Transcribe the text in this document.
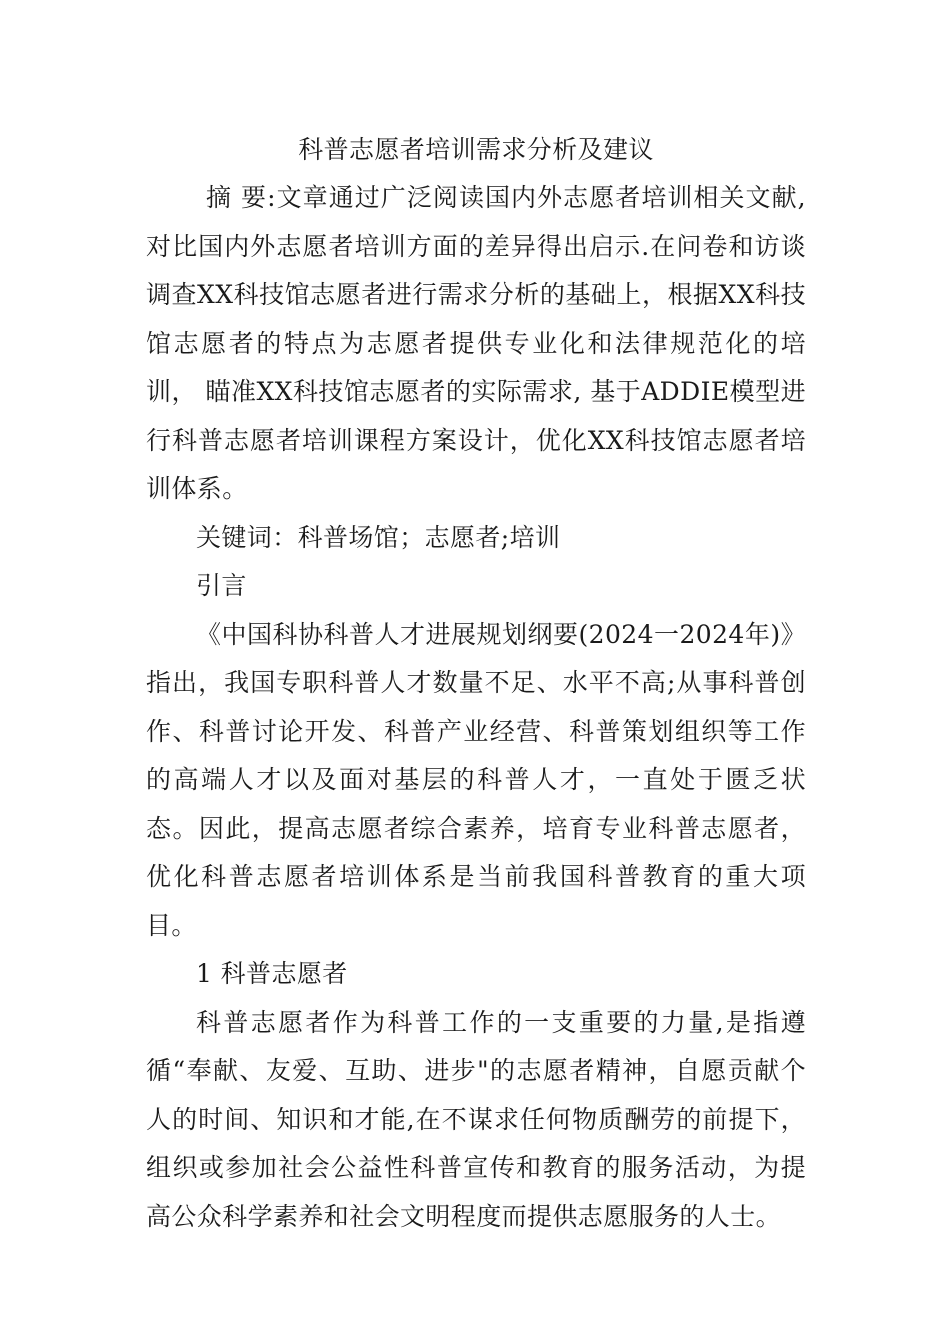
科普志愿者培训需求分析及建议

摘 要:文章通过广泛阅读国内外志愿者培训相关文献, 对比国内外志愿者培训方面的差异得出启示.在问卷和访谈调查XX科技馆志愿者进行需求分析的基础上，根据XX科技馆志愿者的特点为志愿者提供专业化和法律规范化的培训， 瞄准XX科技馆志愿者的实际需求, 基于ADDIE模型进行科普志愿者培训课程方案设计，优化XX科技馆志愿者培训体系。

关键词：科普场馆；志愿者;培训

引言

《中国科协科普人才进展规划纲要(2024一2024年)》指出，我国专职科普人才数量不足、水平不高;从事科普创作、科普讨论开发、科普产业经营、科普策划组织等工作的高端人才以及面对基层的科普人才，一直处于匮乏状态。因此，提高志愿者综合素养，培育专业科普志愿者，优化科普志愿者培训体系是当前我国科普教育的重大项目。

1 科普志愿者

科普志愿者作为科普工作的一支重要的力量,是指遵循“奉献、友爱、互助、进步"的志愿者精神，自愿贡献个人的时间、知识和才能,在不谋求任何物质酬劳的前提下，组织或参加社会公益性科普宣传和教育的服务活动，为提高公众科学素养和社会文明程度而提供志愿服务的人士。
